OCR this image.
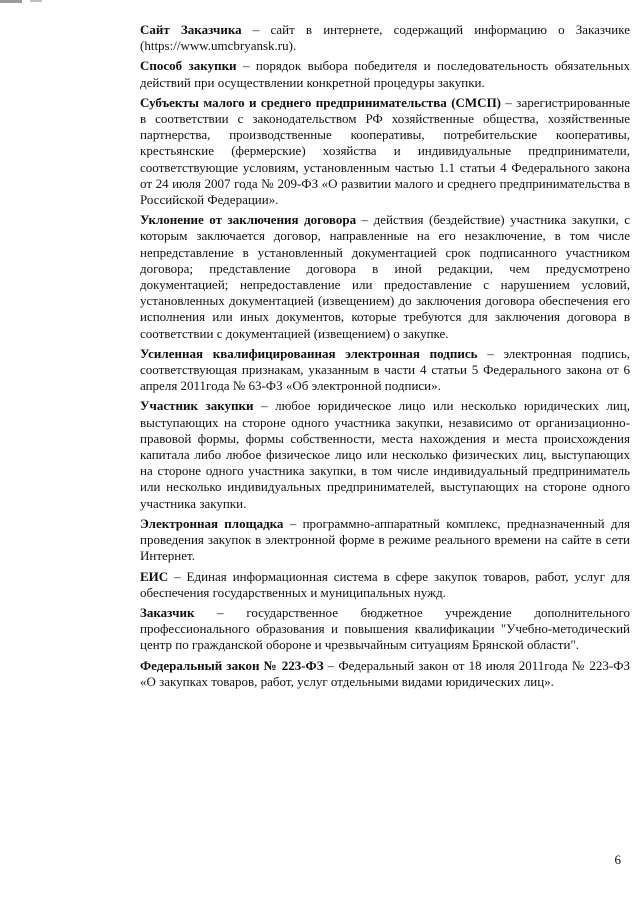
Сайт Заказчика – сайт в интернете, содержащий информацию о Заказчике (https://www.umcbryansk.ru).

Способ закупки – порядок выбора победителя и последовательность обязательных действий при осуществлении конкретной процедуры закупки.

Субъекты малого и среднего предпринимательства (СМСП) – зарегистрированные в соответствии с законодательством РФ хозяйственные общества, хозяйственные партнерства, производственные кооперативы, потребительские кооперативы, крестьянские (фермерские) хозяйства и индивидуальные предприниматели, соответствующие условиям, установленным частью 1.1 статьи 4 Федерального закона от 24 июля 2007 года № 209-ФЗ «О развитии малого и среднего предпринимательства в Российской Федерации».

Уклонение от заключения договора – действия (бездействие) участника закупки, с которым заключается договор, направленные на его незаключение, в том числе непредставление в установленный документацией срок подписанного участником договора; представление договора в иной редакции, чем предусмотрено документацией; непредоставление или предоставление с нарушением условий, установленных документацией (извещением) до заключения договора обеспечения его исполнения или иных документов, которые требуются для заключения договора в соответствии с документацией (извещением) о закупке.

Усиленная квалифицированная электронная подпись – электронная подпись, соответствующая признакам, указанным в части 4 статьи 5 Федерального закона от 6 апреля 2011года № 63-ФЗ «Об электронной подписи».

Участник закупки – любое юридическое лицо или несколько юридических лиц, выступающих на стороне одного участника закупки, независимо от организационно-правовой формы, формы собственности, места нахождения и места происхождения капитала либо любое физическое лицо или несколько физических лиц, выступающих на стороне одного участника закупки, в том числе индивидуальный предприниматель или несколько индивидуальных предпринимателей, выступающих на стороне одного участника закупки.

Электронная площадка – программно-аппаратный комплекс, предназначенный для проведения закупок в электронной форме в режиме реального времени на сайте в сети Интернет.

ЕИС – Единая информационная система в сфере закупок товаров, работ, услуг для обеспечения государственных и муниципальных нужд.

Заказчик – государственное бюджетное учреждение дополнительного профессионального образования и повышения квалификации "Учебно-методический центр по гражданской обороне и чрезвычайным ситуациям Брянской области".

Федеральный закон № 223-ФЗ – Федеральный закон от 18 июля 2011года № 223-ФЗ «О закупках товаров, работ, услуг отдельными видами юридических лиц».

6
